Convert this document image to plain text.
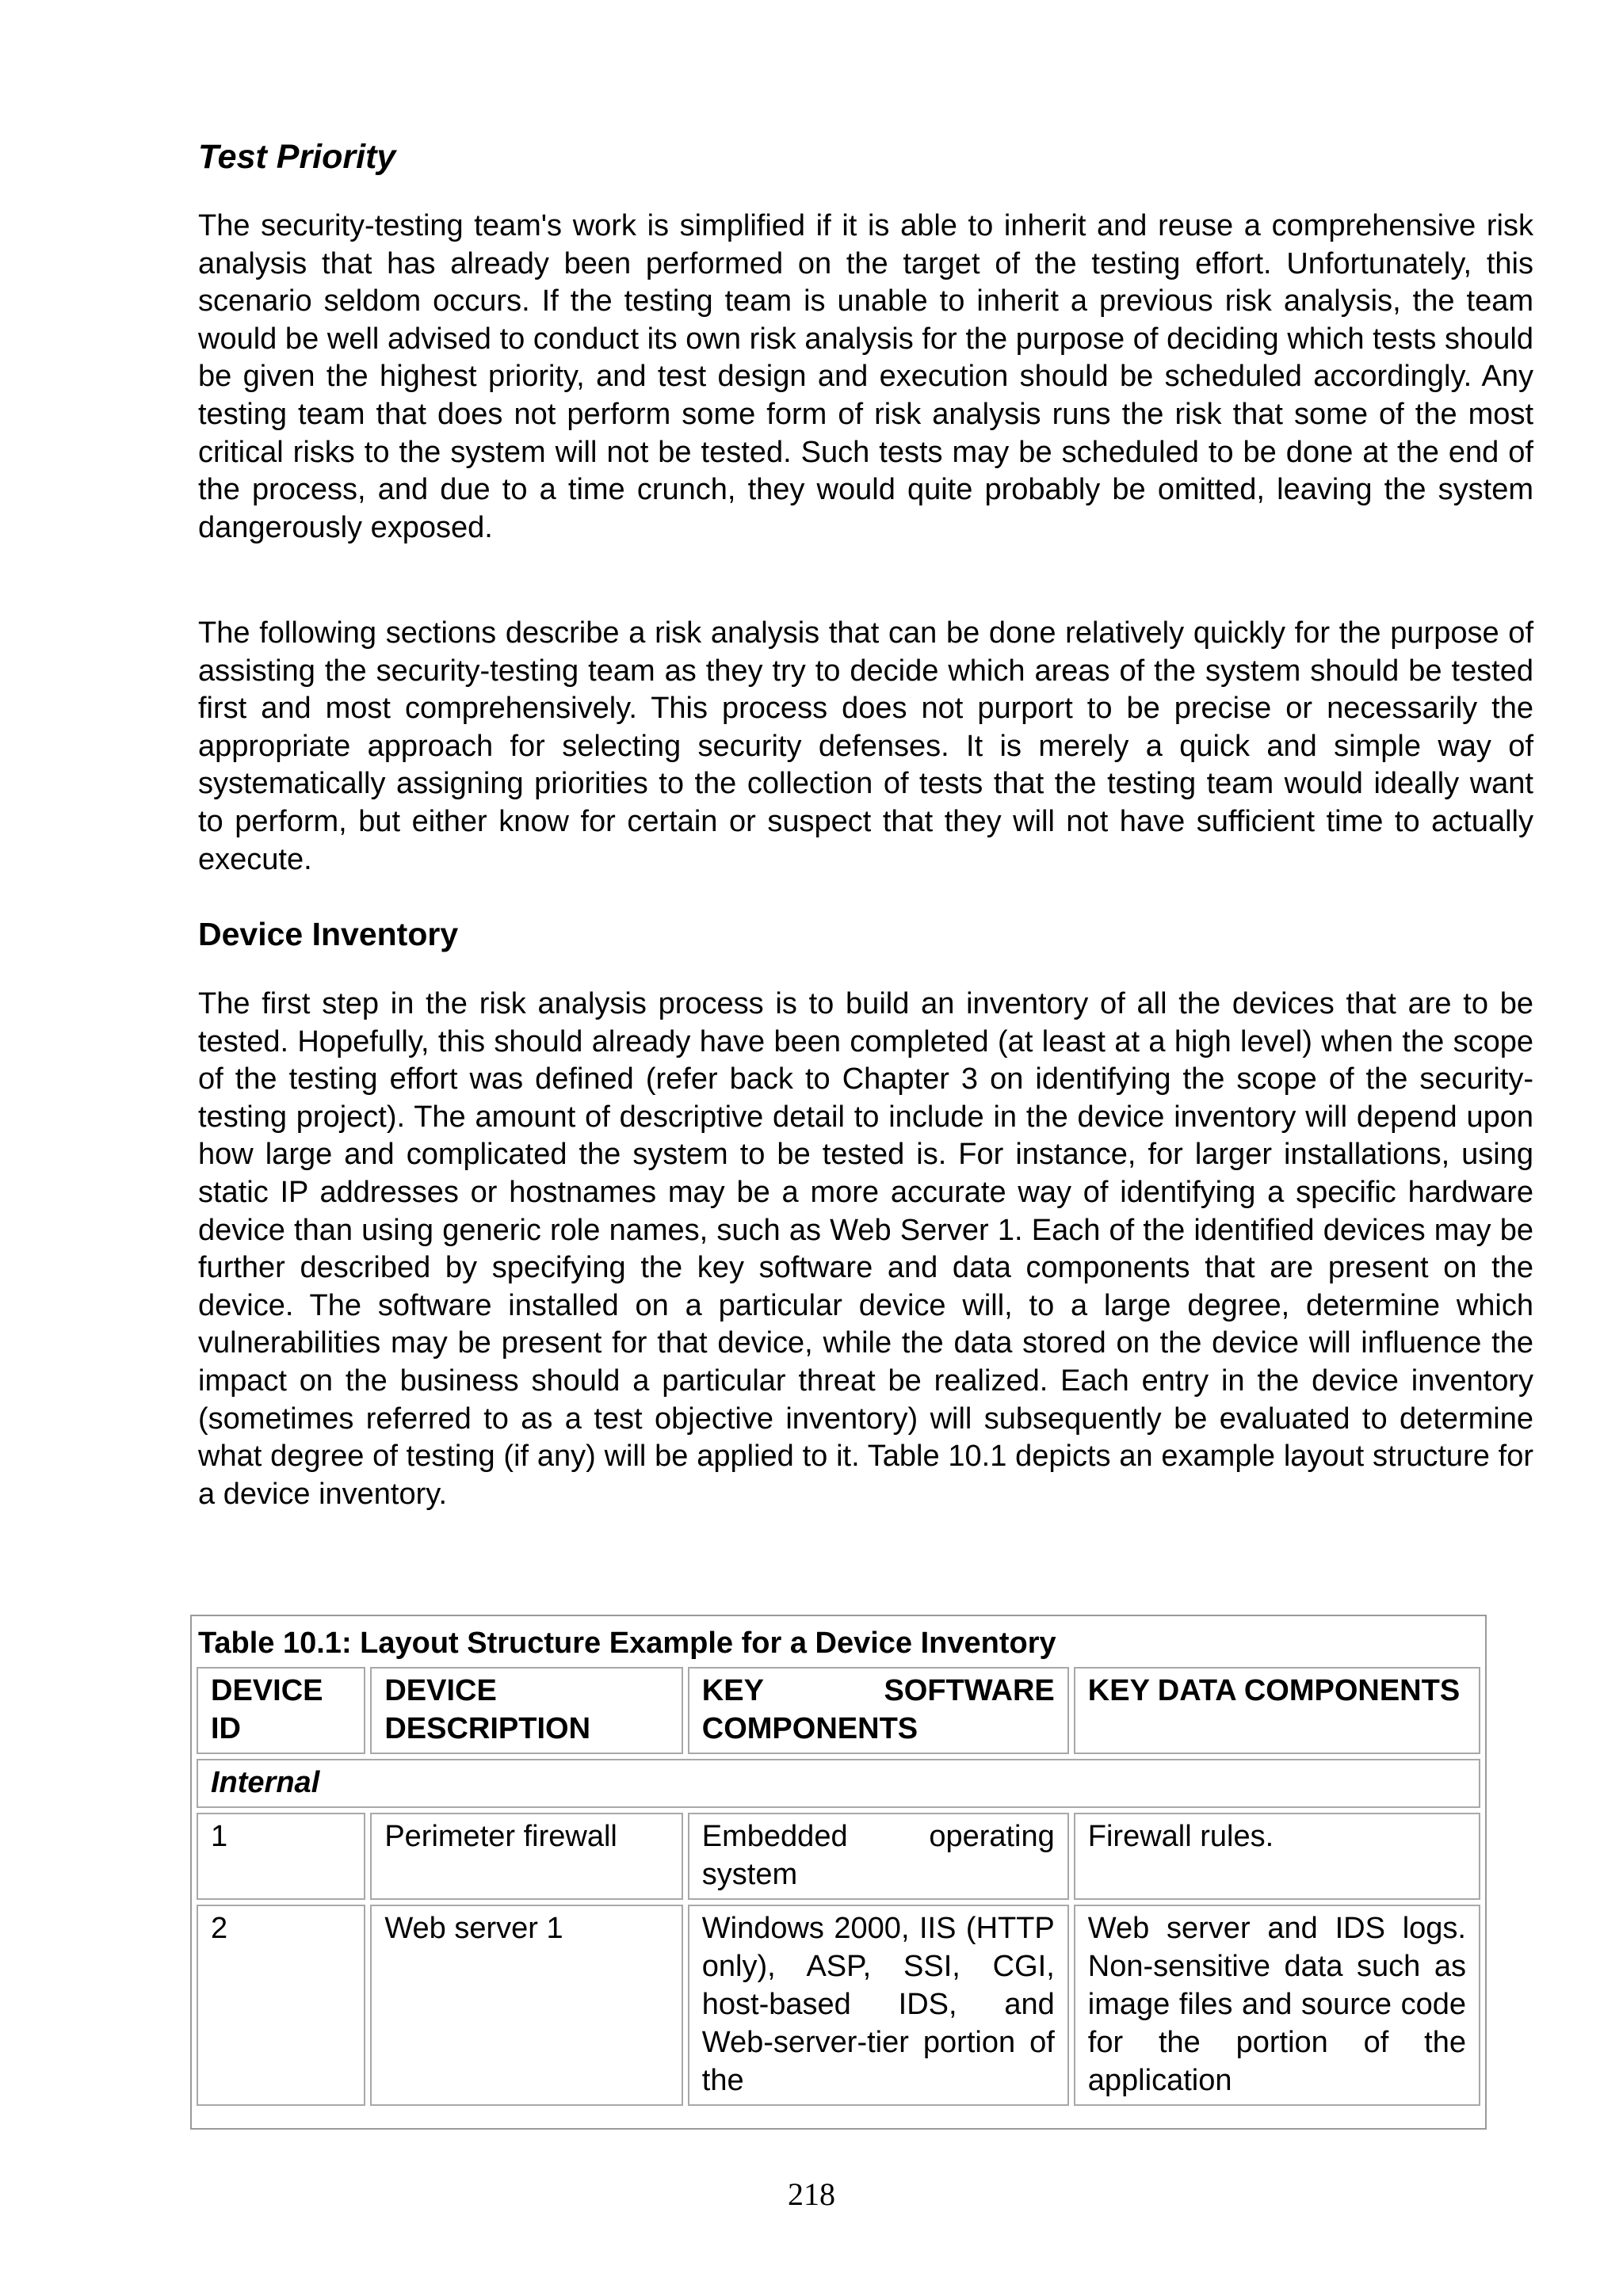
Test Priority

The security-testing team's work is simplified if it is able to inherit and reuse a comprehensive risk analysis that has already been performed on the target of the testing effort. Unfortunately, this scenario seldom occurs. If the testing team is unable to inherit a previous risk analysis, the team would be well advised to conduct its own risk analysis for the purpose of deciding which tests should be given the highest priority, and test design and execution should be scheduled accordingly. Any testing team that does not perform some form of risk analysis runs the risk that some of the most critical risks to the system will not be tested. Such tests may be scheduled to be done at the end of the process, and due to a time crunch, they would quite probably be omitted, leaving the system dangerously exposed.

The following sections describe a risk analysis that can be done relatively quickly for the purpose of assisting the security-testing team as they try to decide which areas of the system should be tested first and most comprehensively. This process does not purport to be precise or necessarily the appropriate approach for selecting security defenses. It is merely a quick and simple way of systematically assigning priorities to the collection of tests that the testing team would ideally want to perform, but either know for certain or suspect that they will not have sufficient time to actually execute.

Device Inventory

The first step in the risk analysis process is to build an inventory of all the devices that are to be tested. Hopefully, this should already have been completed (at least at a high level) when the scope of the testing effort was defined (refer back to Chapter 3 on identifying the scope of the security-testing project). The amount of descriptive detail to include in the device inventory will depend upon how large and complicated the system to be tested is. For instance, for larger installations, using static IP addresses or hostnames may be a more accurate way of identifying a specific hardware device than using generic role names, such as Web Server 1. Each of the identified devices may be further described by specifying the key software and data components that are present on the device. The software installed on a particular device will, to a large degree, determine which vulnerabilities may be present for that device, while the data stored on the device will influence the impact on the business should a particular threat be realized. Each entry in the device inventory (sometimes referred to as a test objective inventory) will subsequently be evaluated to determine what degree of testing (if any) will be applied to it. Table 10.1 depicts an example layout structure for a device inventory.

Table 10.1: Layout Structure Example for a Device Inventory			
DEVICE ID	DEVICE DESCRIPTION	KEY SOFTWARE COMPONENTS	KEY DATA COMPONENTS
Internal			
1	Perimeter firewall	Embedded operating system	Firewall rules.
2	Web server 1	Windows 2000, IIS (HTTP only), ASP, SSI, CGI, host-based IDS, and Web-server-tier portion of the	Web server and IDS logs. Non-sensitive data such as image files and source code for the portion of the application
218
